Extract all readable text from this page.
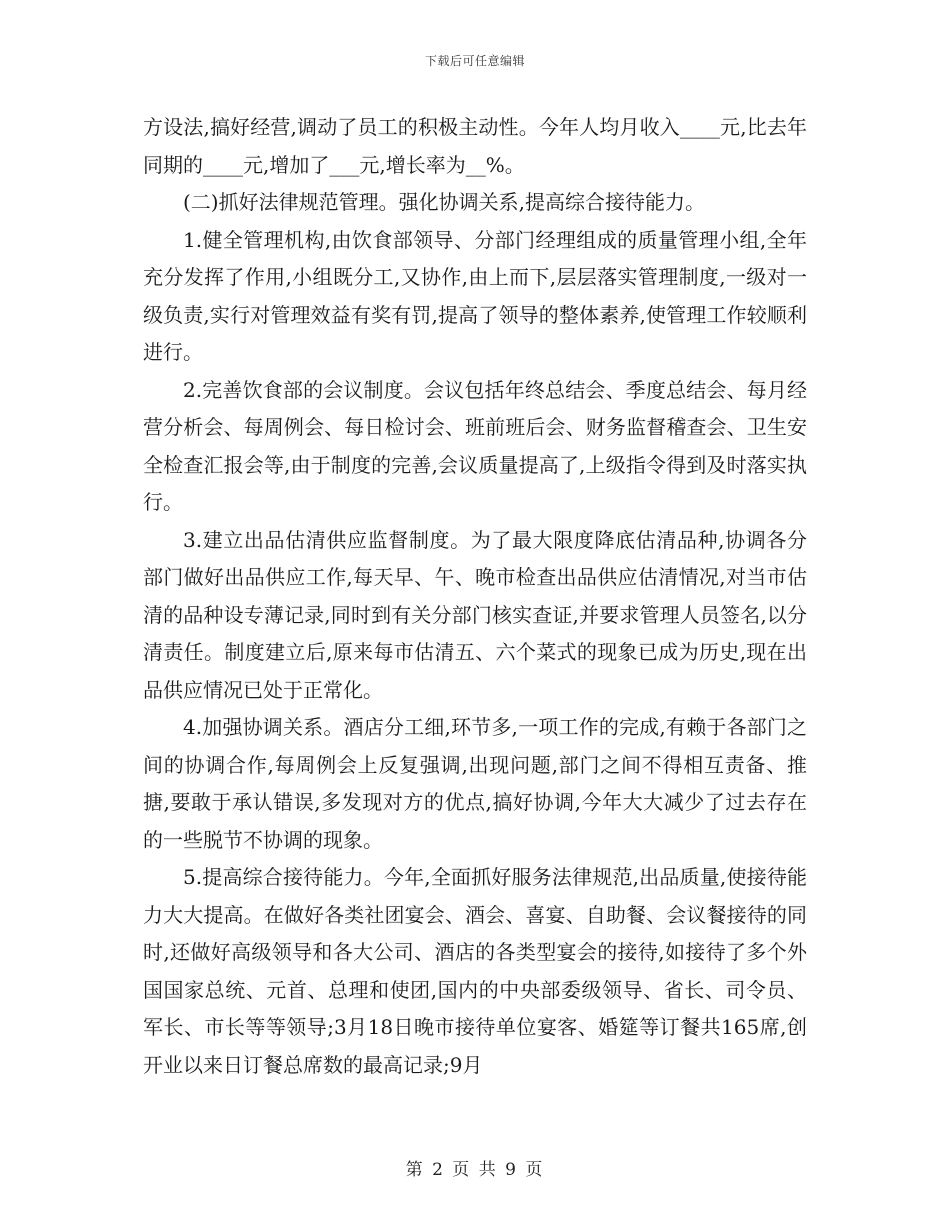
下载后可任意编辑

方设法,搞好经营,调动了员工的积极主动性。今年人均月收入____元,比去年同期的____元,增加了___元,增长率为__%。

(二)抓好法律规范管理。强化协调关系,提高综合接待能力。

1.健全管理机构,由饮食部领导、分部门经理组成的质量管理小组,全年充分发挥了作用,小组既分工,又协作,由上而下,层层落实管理制度,一级对一级负责,实行对管理效益有奖有罚,提高了领导的整体素养,使管理工作较顺利进行。

2.完善饮食部的会议制度。会议包括年终总结会、季度总结会、每月经营分析会、每周例会、每日检讨会、班前班后会、财务监督稽查会、卫生安全检查汇报会等,由于制度的完善,会议质量提高了,上级指令得到及时落实执行。

3.建立出品估清供应监督制度。为了最大限度降底估清品种,协调各分部门做好出品供应工作,每天早、午、晚市检查出品供应估清情况,对当市估清的品种设专薄记录,同时到有关分部门核实查证,并要求管理人员签名,以分清责任。制度建立后,原来每市估清五、六个菜式的现象已成为历史,现在出品供应情况已处于正常化。

4.加强协调关系。酒店分工细,环节多,一项工作的完成,有赖于各部门之间的协调合作,每周例会上反复强调,出现问题,部门之间不得相互责备、推搪,要敢于承认错误,多发现对方的优点,搞好协调,今年大大减少了过去存在的一些脱节不协调的现象。

5.提高综合接待能力。今年,全面抓好服务法律规范,出品质量,使接待能力大大提高。在做好各类社团宴会、酒会、喜宴、自助餐、会议餐接待的同时,还做好高级领导和各大公司、酒店的各类型宴会的接待,如接待了多个外国国家总统、元首、总理和使团,国内的中央部委级领导、省长、司令员、军长、市长等等领导;3月18日晚市接待单位宴客、婚筵等订餐共165席,创开业以来日订餐总席数的最高记录;9月

第 2 页 共 9 页
